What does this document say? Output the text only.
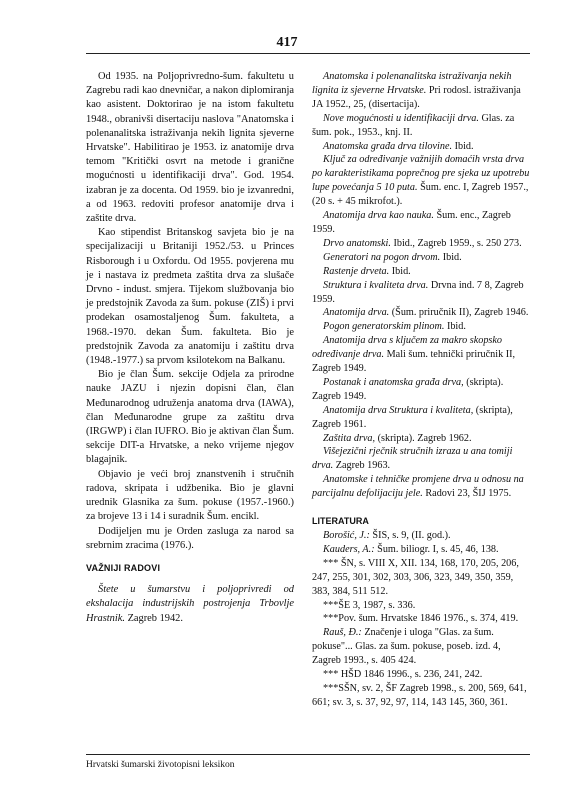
417

Od 1935. na Poljoprivredno-šum. fakultetu u Zagrebu radi kao dnevničar, a nakon diplomiranja kao asistent. Doktorirao je na istom fakultetu 1948., obranivši disertaciju naslova "Anatomska i polenanalitska istraživanja nekih lignita sjeverne Hrvatske". Habilitirao je 1953. iz anatomije drva temom "Kritički osvrt na metode i granične mogućnosti u identifikaciji drva". God. 1954. izabran je za docenta. Od 1959. bio je izvanredni, a od 1963. redoviti profesor anatomije drva i zaštite drva.

Kao stipendist Britanskog savjeta bio je na specijalizaciji u Britaniji 1952./53. u Princes Risborough i u Oxfordu. Od 1955. povjerena mu je i nastava iz predmeta zaštita drva za slušače Drvno - indust. smjera. Tijekom službovanja bio je predstojnik Zavoda za šum. pokuse (ZIŠ) i prvi prodekan osamostaljenog Šum. fakulteta, a 1968.-1970. dekan Šum. fakulteta. Bio je predstojnik Zavoda za anatomiju i zaštitu drva (1948.-1977.) sa prvom ksilotekom na Balkanu.

Bio je član Šum. sekcije Odjela za prirodne nauke JAZU i njezin dopisni član, član Međunarodnog udruženja anatoma drva (IAWA), član Međunarodne grupe za zaštitu drva (IRGWP) i član IUFRO. Bio je aktivan član Šum. sekcije DIT-a Hrvatske, a neko vrijeme njegov blagajnik.

Objavio je veći broj znanstvenih i stručnih radova, skripata i udžbenika. Bio je glavni urednik Glasnika za šum. pokuse (1957.-1960.) za brojeve 13 i 14 i suradnik Šum. encikl.

Dodijeljen mu je Orden zasluga za narod sa srebrnim zracima (1976.).

VAŽNIJI RADOVI

Štete u šumarstvu i poljoprivredi od ekshalacija industrijskih postrojenja Trbovlje Hrastnik. Zagreb 1942.

Anatomska i polenanalitska istraživanja nekih lignita iz sjeverne Hrvatske. Pri rodosl. istraživanja JA 1952., 25, (disertacija).
Nove mogućnosti u identifikaciji drva. Glas. za šum. pok., 1953., knj. II.
Anatomska građa drva tilovine. Ibid.
Ključ za određivanje važnijih domaćih vrsta drva po karakteristikama poprečnog pre sjeka uz upotrebu lupe povećanja 5 10 puta. Šum. enc. I, Zagreb 1957., (20 s. + 45 mikrofot.).
Anatomija drva kao nauka. Šum. enc., Zagreb 1959.
Drvo anatomski. Ibid., Zagreb 1959., s. 250 273.
Generatori na pogon drvom. Ibid.
Rastenje drveta. Ibid.
Struktura i kvaliteta drva. Drvna ind. 7 8, Zagreb 1959.
Anatomija drva. (Šum. priručnik II), Zagreb 1946.
Pogon generatorskim plinom. Ibid.
Anatomija drva s ključem za makro skopsko određivanje drva. Mali šum. tehnički priručnik II, Zagreb 1949.
Postanak i anatomska građa drva, (skripta). Zagreb 1949.
Anatomija drva Struktura i kvaliteta, (skripta), Zagreb 1961.
Zaštita drva, (skripta). Zagreb 1962.
Višejezični rječnik stručnih izraza u ana tomiji drva. Zagreb 1963.
Anatomske i tehničke promjene drva u odnosu na parcijalnu defolijaciju jele. Radovi 23, ŠIJ 1975.
LITERATURA
Borošić, J.: ŠIS, s. 9, (II. god.).
Kauders, A.: Šum. biliogr. I, s. 45, 46, 138.
*** ŠN, s. VIII X, XII. 134, 168, 170, 205, 206, 247, 255, 301, 302, 303, 306, 323, 349, 350, 359, 383, 384, 511 512.
***ŠE 3, 1987, s. 336.
***Pov. šum. Hrvatske 1846 1976., s. 374, 419.
Rauš, Đ.: Značenje i uloga "Glas. za šum. pokuse"... Glas. za šum. pokuse, poseb. izd. 4, Zagreb 1993., s. 405 424.
*** HŠD 1846 1996., s. 236, 241, 242.
***SŠN, sv. 2, ŠF Zagreb 1998., s. 200, 569, 641, 661; sv. 3, s. 37, 92, 97, 114, 143 145, 360, 361.
Hrvatski šumarski životopisni leksikon
